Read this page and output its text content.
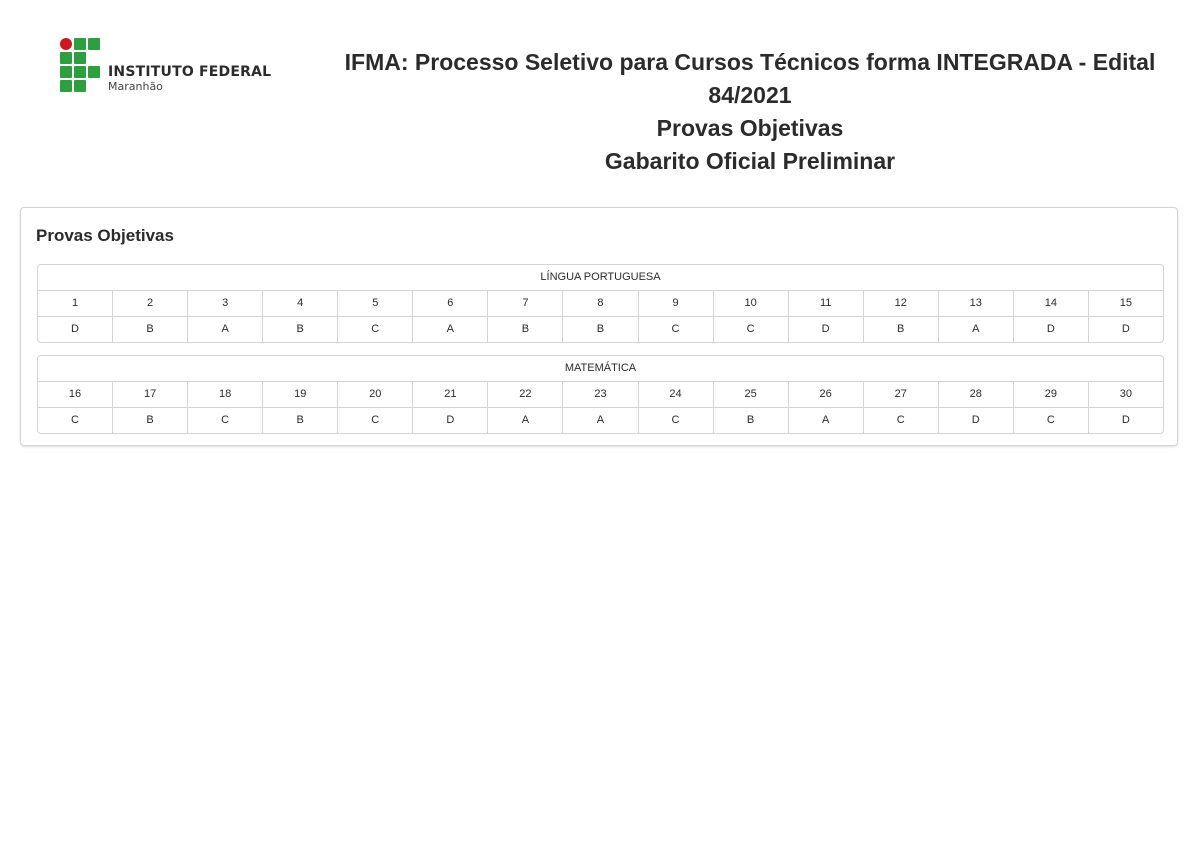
INSTITUTO FEDERAL
Maranhão
IFMA: Processo Seletivo para Cursos Técnicos forma INTEGRADA - Edital
84/2021
Provas Objetivas
Gabarito Oficial Preliminar
Provas Objetivas
LÍNGUA PORTUGUESA
1	2	3	4	5	6	7	8	9	10	11	12	13	14	15
D	B	A	B	C	A	B	B	C	C	D	B	A	D	D
MATEMÁTICA
16	17	18	19	20	21	22	23	24	25	26	27	28	29	30
C	B	C	B	C	D	A	A	C	B	A	C	D	C	D
